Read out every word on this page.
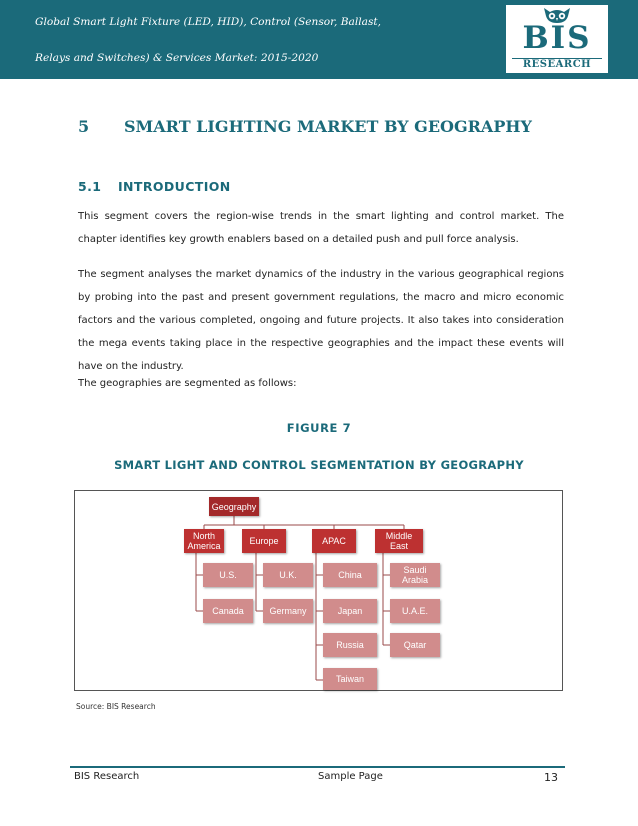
Global Smart Light Fixture (LED, HID), Control (Sensor, Ballast,
Relays and Switches) & Services Market: 2015-2020
BIS
RESEARCH
5 SMART LIGHTING MARKET BY GEOGRAPHY
5.1 INTRODUCTION

This segment covers the region-wise trends in the smart lighting and control market. The chapter identifies key growth enablers based on a detailed push and pull force analysis.

The segment analyses the market dynamics of the industry in the various geographical regions by probing into the past and present government regulations, the macro and micro economic factors and the various completed, ongoing and future projects. It also takes into consideration the mega events taking place in the respective geographies and the impact these events will have on the industry.

The geographies are segmented as follows:

FIGURE 7
SMART LIGHT AND CONTROL SEGMENTATION BY GEOGRAPHY
Geography
North America	Europe	APAC	Middle East
U.S.
Canada
U.K.
Germany
China
Japan
Russia
Taiwan
Saudi Arabia
U.A.E.
Qatar
Source: BIS Research
BIS Research	Sample Page	13
